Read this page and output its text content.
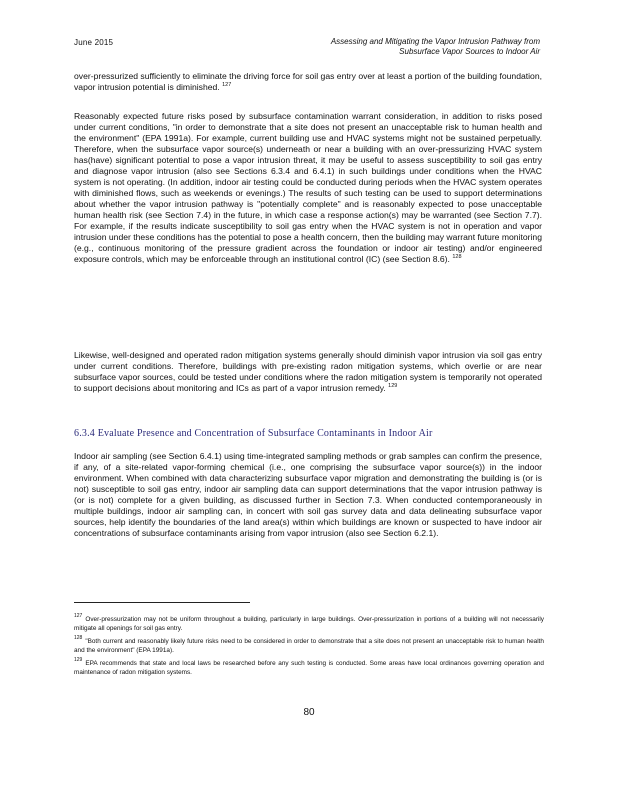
June 2015	Assessing and Mitigating the Vapor Intrusion Pathway from
Subsurface Vapor Sources to Indoor Air

over-pressurized sufficiently to eliminate the driving force for soil gas entry over at least a portion of the building foundation, vapor intrusion potential is diminished. $^{127}$

Reasonably expected future risks posed by subsurface contamination warrant consideration, in addition to risks posed under current conditions, "in order to demonstrate that a site does not present an unacceptable risk to human health and the environment" (EPA 1991a). For example, current building use and HVAC systems might not be sustained perpetually. Therefore, when the subsurface vapor source(s) underneath or near a building with an over-pressurizing HVAC system has(have) significant potential to pose a vapor intrusion threat, it may be useful to assess susceptibility to soil gas entry and diagnose vapor intrusion (also see Sections 6.3.4 and 6.4.1) in such buildings under conditions when the HVAC system is not operating. (In addition, indoor air testing could be conducted during periods when the HVAC system operates with diminished flows, such as weekends or evenings.) The results of such testing can be used to support determinations about whether the vapor intrusion pathway is "potentially complete" and is reasonably expected to pose unacceptable human health risk (see Section 7.4) in the future, in which case a response action(s) may be warranted (see Section 7.7). For example, if the results indicate susceptibility to soil gas entry when the HVAC system is not in operation and vapor intrusion under these conditions has the potential to pose a health concern, then the building may warrant future monitoring (e.g., continuous monitoring of the pressure gradient across the foundation or indoor air testing) and/or engineered exposure controls, which may be enforceable through an institutional control (IC) (see Section 8.6). $^{128}$

Likewise, well-designed and operated radon mitigation systems generally should diminish vapor intrusion via soil gas entry under current conditions. Therefore, buildings with pre-existing radon mitigation systems, which overlie or are near subsurface vapor sources, could be tested under conditions where the radon mitigation system is temporarily not operated to support decisions about monitoring and ICs as part of a vapor intrusion remedy. $^{129}$

6.3.4 Evaluate Presence and Concentration of Subsurface Contaminants in Indoor Air

Indoor air sampling (see Section 6.4.1) using time-integrated sampling methods or grab samples can confirm the presence, if any, of a site-related vapor-forming chemical (i.e., one comprising the subsurface vapor source(s)) in the indoor environment. When combined with data characterizing subsurface vapor migration and demonstrating the building is (or is not) susceptible to soil gas entry, indoor air sampling data can support determinations that the vapor intrusion pathway is (or is not) complete for a given building, as discussed further in Section 7.3. When conducted contemporaneously in multiple buildings, indoor air sampling can, in concert with soil gas survey data and data delineating subsurface vapor sources, help identify the boundaries of the land area(s) within which buildings are known or suspected to have indoor air concentrations of subsurface contaminants arising from vapor intrusion (also see Section 6.2.1).

$^{127}$ Over-pressurization may not be uniform throughout a building, particularly in large buildings. Over-pressurization in portions of a building will not necessarily mitigate all openings for soil gas entry.

$^{128}$ "Both current and reasonably likely future risks need to be considered in order to demonstrate that a site does not present an unacceptable risk to human health and the environment" (EPA 1991a).

$^{129}$ EPA recommends that state and local laws be researched before any such testing is conducted. Some areas have local ordinances governing operation and maintenance of radon mitigation systems.

80
